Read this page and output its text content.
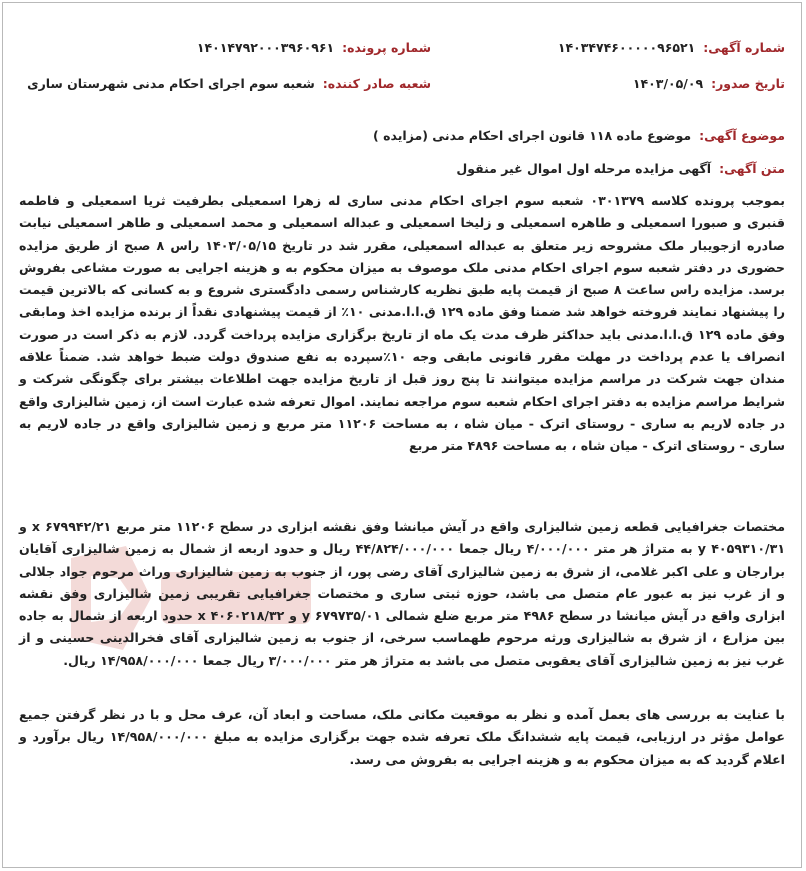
شماره آگهی:۱۴۰۳۴۷۴۶۰۰۰۰۰۹۶۵۲۱
شماره پرونده:۱۴۰۱۴۷۹۲۰۰۰۳۹۶۰۹۶۱
تاریخ صدور:۱۴۰۳/۰۵/۰۹
شعبه صادر کننده:شعبه سوم اجرای احکام مدنی شهرستان ساری
موضوع آگهی:موضوع ماده ۱۱۸ قانون اجرای احکام مدنی (مزایده )
متن آگهی:آگهی مزایده مرحله اول اموال غیر منقول

بموجب پرونده کلاسه ۰۳۰۱۳۷۹ شعبه سوم اجرای احکام مدنی ساری له زهرا اسمعیلی بطرفیت ثریا اسمعیلی و فاطمه قنبری و صبورا اسمعیلی و طاهره اسمعیلی و زلیخا اسمعیلی و عبداله اسمعیلی و محمد اسمعیلی و طاهر اسمعیلی نیابت صادره ازجویبار ملک مشروحه زیر متعلق به عبداله اسمعیلی، مقرر شد در تاریخ ۱۴۰۳/۰۵/۱۵ راس ۸ صبح از طریق مزایده حضوری در دفتر شعبه سوم اجرای احکام مدنی ملک موصوف به میزان محکوم به و هزینه اجرایی به صورت مشاعی بفروش برسد. مزایده راس ساعت ۸ صبح از قیمت پایه طبق نظریه کارشناس رسمی دادگستری شروع و به کسانی که بالاترین قیمت را پیشنهاد نمایند فروخته خواهد شد ضمنا وفق ماده ۱۲۹ ق.ا.ا.مدنی ۱۰٪ از قیمت پیشنهادی نقداً از برنده مزایده اخذ ومابقی وفق ماده ۱۲۹ ق.ا.ا.مدنی باید حداکثر ظرف مدت یک ماه از تاریخ برگزاری مزایده پرداخت گردد. لازم به ذکر است در صورت انصراف یا عدم پرداخت در مهلت مقرر قانونی مابقی وجه ۱۰٪سپرده به نفع صندوق دولت ضبط خواهد شد. ضمناً علاقه مندان جهت شرکت در مراسم مزایده میتوانند تا پنج روز قبل از تاریخ مزایده جهت اطلاعات بیشتر برای چگونگی شرکت و شرایط مراسم مزایده به دفتر اجرای احکام شعبه سوم مراجعه نمایند. اموال تعرفه شده عبارت است از، زمین شالیزاری واقع در جاده لاریم به ساری - روستای اترک - میان شاه ، به مساحت ۱۱۲۰۶ متر مربع و زمین شالیزاری واقع در جاده لاریم به ساری - روستای اترک - میان شاه ، به مساحت ۴۸۹۶ متر مربع

مختصات جغرافیایی قطعه زمین شالیزاری واقع در آیش میانشا وفق نقشه ابزاری در سطح ۱۱۲۰۶ متر مربع ۶۷۹۹۴۲/۲۱ x و ۴۰۵۹۳۱۰/۳۱ y به متراژ هر متر ۴/۰۰۰/۰۰۰ ریال جمعا ۴۴/۸۲۴/۰۰۰/۰۰۰ ریال و حدود اربعه از شمال به زمین شالیزاری آقایان برارجان و علی اکبر غلامی، از شرق به زمین شالیزاری آقای رضی پور، از جنوب به زمین شالیزاری وراث مرحوم جواد جلالی و از غرب نیز به عبور عام متصل می باشد، حوزه ثبتی ساری و مختصات جغرافیایی تقریبی زمین شالیزاری وفق نقشه ابزاری واقع در آیش میانشا در سطح ۴۹۸۶ متر مربع ضلع شمالی ۶۷۹۷۳۵/۰۱ y و ۴۰۶۰۲۱۸/۳۲ x حدود اربعه از شمال به جاده بین مزارع ، از شرق به شالیزاری ورثه مرحوم طهماسب سرخی، از جنوب به زمین شالیزاری آقای فخرالدینی حسینی و از غرب نیز به زمین شالیزاری آقای یعقوبی متصل می باشد به متراژ هر متر ۳/۰۰۰/۰۰۰ ریال جمعا ۱۴/۹۵۸/۰۰۰/۰۰۰ ریال.

با عنایت به بررسی های بعمل آمده و نظر به موقعیت مکانی ملک، مساحت و ابعاد آن، عرف محل و با در نظر گرفتن جمیع عوامل مؤثر در ارزیابی، قیمت پایه ششدانگ ملک تعرفه شده جهت برگزاری مزایده به مبلغ ۱۴/۹۵۸/۰۰۰/۰۰۰ ریال برآورد و اعلام گردید که به میزان محکوم به و هزینه اجرایی به بفروش می رسد.
